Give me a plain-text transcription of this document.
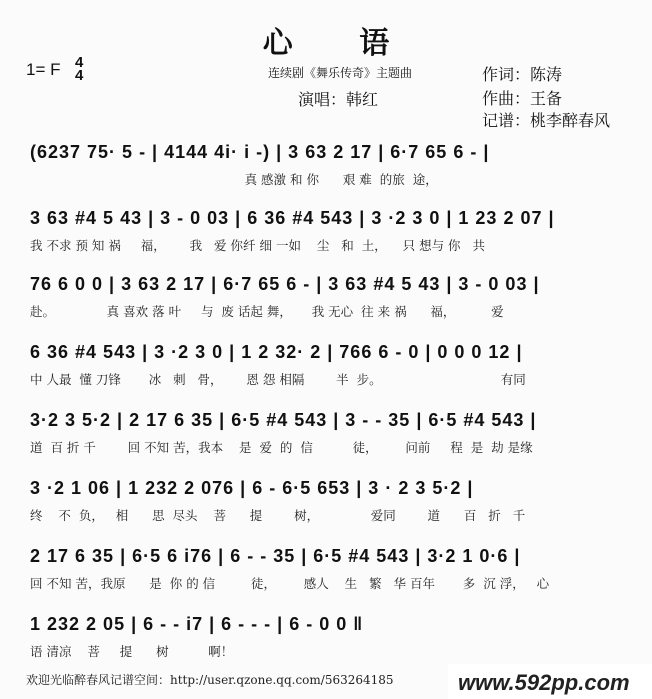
心 语
1= F 4
4	连续剧《舞乐传奇》主题曲
演唱：韩红
作词：陈涛
作曲：王备
记谱：桃李醉春风
(6237 75· 5 - | 4144 4i· i -) | 3 63 2 17 | 6·7 65 6 - |
真 感激 和 你      艰 难  的旅  途，
3 63 #4 5 43 | 3 - 0 03 | 6 36 #4 543 | 3 ·2 3 0 | 1 23 2 07 |
我 不求 预 知 祸     福，      我   爱 你纤 细 一如    尘   和  土，    只 想与 你   共
76 6 0 0 | 3 63 2 17 | 6·7 65 6 - | 3 63 #4 5 43 | 3 - 0 03 |
赴。             真 喜欢 落 叶     与  废 话起 舞，     我 无心  往 来 祸      福，         爱
6 36 #4 543 | 3 ·2 3 0 | 1 2 32· 2 | 766 6 - 0 | 0 0 0 12 |
中 人最  懂 刀锋       冰   刺   骨，      恩 怨 相隔        半  步。                              有同
3·2 3 5·2 | 2 17 6 35 | 6·5 #4 543 | 3 - - 35 | 6·5 #4 543 |
道  百 折 千        回 不知 苦，我本    是  爱  的  信          徒，       问前     程  是  劫 是缘
3 ·2 1 06 | 1 232 2 076 | 6 - 6·5 653 | 3 · 2 3 5·2 |
终    不  负，   相      思  尽头    菩      提        树，             爱同        道      百   折   千
2 17 6 35 | 6·5 6 i76 | 6 - - 35 | 6·5 #4 543 | 3·2 1 0·6 |
回 不知 苦，我原      是  你 的 信         徒，       感人    生   繁   华 百年       多  沉 浮，   心
1 232 2 05 | 6 - - i7 | 6 - - - | 6 - 0 0 ‖
语 清凉    菩     提      树          啊！
欢迎光临醉春风记谱空间：http://user.qzone.qq.com/563264185	www.592pp.com
